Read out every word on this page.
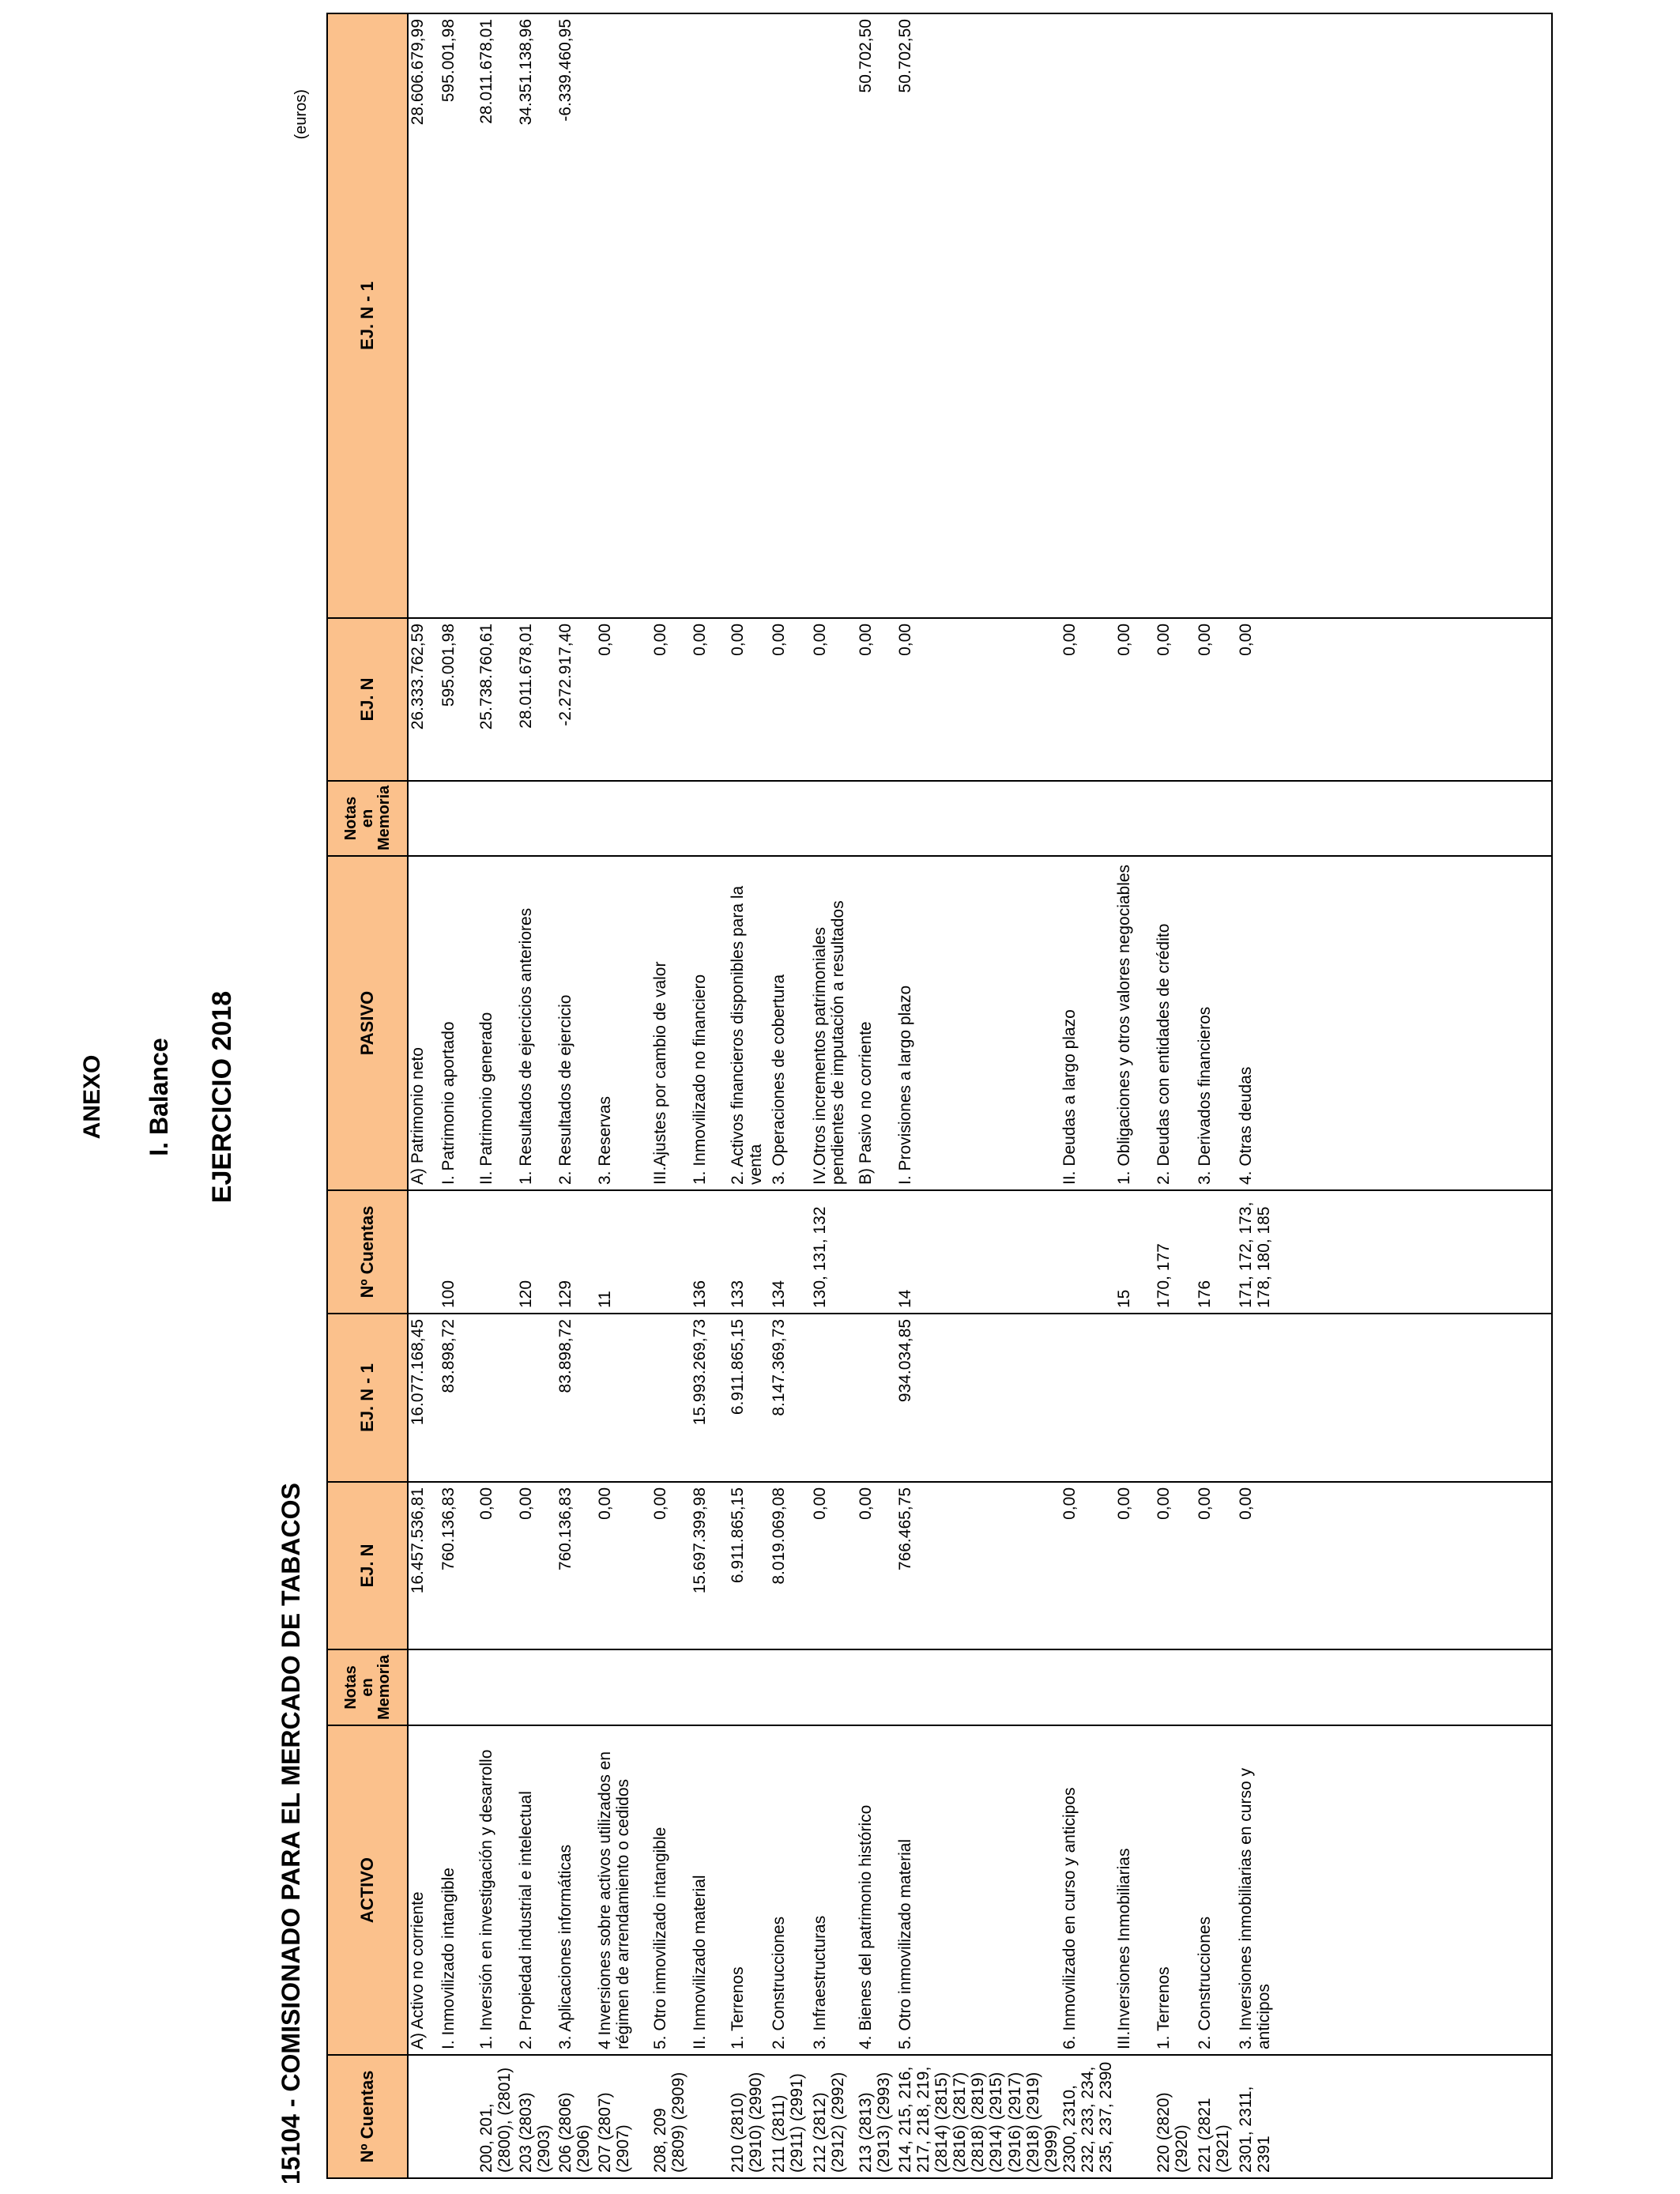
ANEXO I. Balance EJERCICIO 2018
15104 - COMISIONADO PARA EL MERCADO DE TABACOS
(euros)
Nº Cuentas	ACTIVO	Notas en Memoria	EJ. N	EJ. N - 1	Nº Cuentas	PASIVO	Notas en Memoria	EJ. N	EJ. N - 1
	A) Activo no corriente		16.457.536,81	16.077.168,45		A) Patrimonio neto		26.333.762,59	28.606.679,99
	I. Inmovilizado intangible		760.136,83	83.898,72	100	I. Patrimonio aportado		595.001,98	595.001,98
200, 201, (2800), (2801)	1. Inversión en investigación y desarrollo		0,00			II. Patrimonio generado		25.738.760,61	28.011.678,01
203 (2803) (2903)	2. Propiedad industrial e intelectual		0,00		120	1. Resultados de ejercicios anteriores		28.011.678,01	34.351.138,96
206 (2806) (2906)	3. Aplicaciones informáticas		760.136,83	83.898,72	129	2. Resultados de ejercicio		-2.272.917,40	-6.339.460,95
207 (2807) (2907)	4 Inversiones sobre activos utilizados en régimen de arrendamiento o cedidos		0,00		11	3. Reservas		0,00	
208, 209 (2809) (2909)	5. Otro inmovilizado intangible		0,00			III.Ajustes por cambio de valor		0,00	
	II. Inmovilizado material		15.697.399,98	15.993.269,73	136	1. Inmovilizado no financiero		0,00	
210 (2810) (2910) (2990)	1. Terrenos		6.911.865,15	6.911.865,15	133	2. Activos financieros disponibles para la venta		0,00	
211 (2811) (2911) (2991)	2. Construcciones		8.019.069,08	8.147.369,73	134	3. Operaciones de cobertura		0,00	
212 (2812) (2912) (2992)	3. Infraestructuras		0,00		130, 131, 132	IV.Otros incrementos patrimoniales pendientes de imputación a resultados		0,00	
213 (2813) (2913) (2993)	4. Bienes del patrimonio histórico		0,00			B) Pasivo no corriente		0,00	50.702,50
214, 215, 216, 217, 218, 219, (2814) (2815) (2816) (2817) (2818) (2819) (2914) (2915) (2916) (2917) (2918) (2919) (2999)	5. Otro inmovilizado material		766.465,75	934.034,85	14	I. Provisiones a largo plazo		0,00	50.702,50
2300, 2310, 232, 233, 234, 235, 237, 2390	6. Inmovilizado en curso y anticipos		0,00			II. Deudas a largo plazo		0,00	
	III.Inversiones Inmobiliarias		0,00		15	1. Obligaciones y otros valores negociables		0,00	
220 (2820) (2920)	1. Terrenos		0,00		170, 177	2. Deudas con entidades de crédito		0,00	
221 (2821 (2921)	2. Construcciones		0,00		176	3. Derivados financieros		0,00	
2301, 2311, 2391	3. Inversiones inmobiliarias en curso y anticipos		0,00		171, 172, 173, 178, 180, 185	4. Otras deudas		0,00	
